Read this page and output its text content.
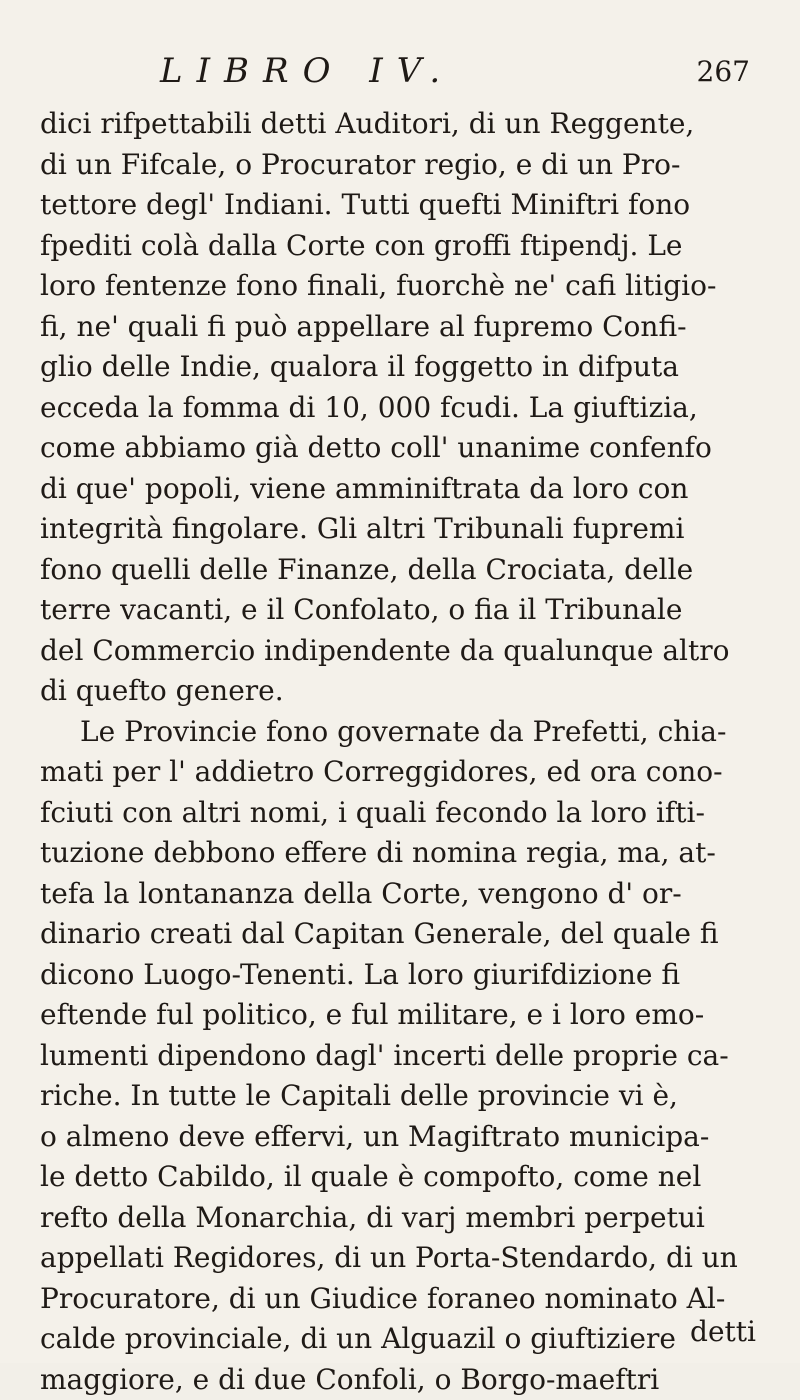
LIBRO IV.	267
dici rifpettabili detti Auditori, di un Reggente,
di un Fifcale, o Procurator regio, e di un Pro-
tettore degl' Indiani. Tutti quefti Miniftri fono
fpediti colà dalla Corte con groffi ftipendj. Le
loro fentenze fono finali, fuorchè ne' cafi litigio-
fi, ne' quali fi può appellare al fupremo Confi-
glio delle Indie, qualora il foggetto in difputa
ecceda la fomma di 10, 000 fcudi. La giuftizia,
come abbiamo già detto coll' unanime confenfo
di que' popoli, viene amminiftrata da loro con
integrità fingolare. Gli altri Tribunali fupremi
fono quelli delle Finanze, della Crociata, delle
terre vacanti, e il Confolato, o fia il Tribunale
del Commercio indipendente da qualunque altro
di quefto genere.
Le Provincie fono governate da Prefetti, chia-
mati per l' addietro Correggidores, ed ora cono-
fciuti con altri nomi, i quali fecondo la loro ifti-
tuzione debbono effere di nomina regia, ma, at-
tefa la lontananza della Corte, vengono d' or-
dinario creati dal Capitan Generale, del quale fi
dicono Luogo-Tenenti. La loro giurifdizione fi
eftende ful politico, e ful militare, e i loro emo-
lumenti dipendono dagl' incerti delle proprie ca-
riche. In tutte le Capitali delle provincie vi è,
o almeno deve effervi, un Magiftrato municipa-
le detto Cabildo, il quale è compofto, come nel
refto della Monarchia, di varj membri perpetui
appellati Regidores, di un Porta-Stendardo, di un
Procuratore, di un Giudice foraneo nominato Al-
calde provinciale, di un Alguazil o giuftiziere
maggiore, e di due Confoli, o Borgo-maeftri
detti
